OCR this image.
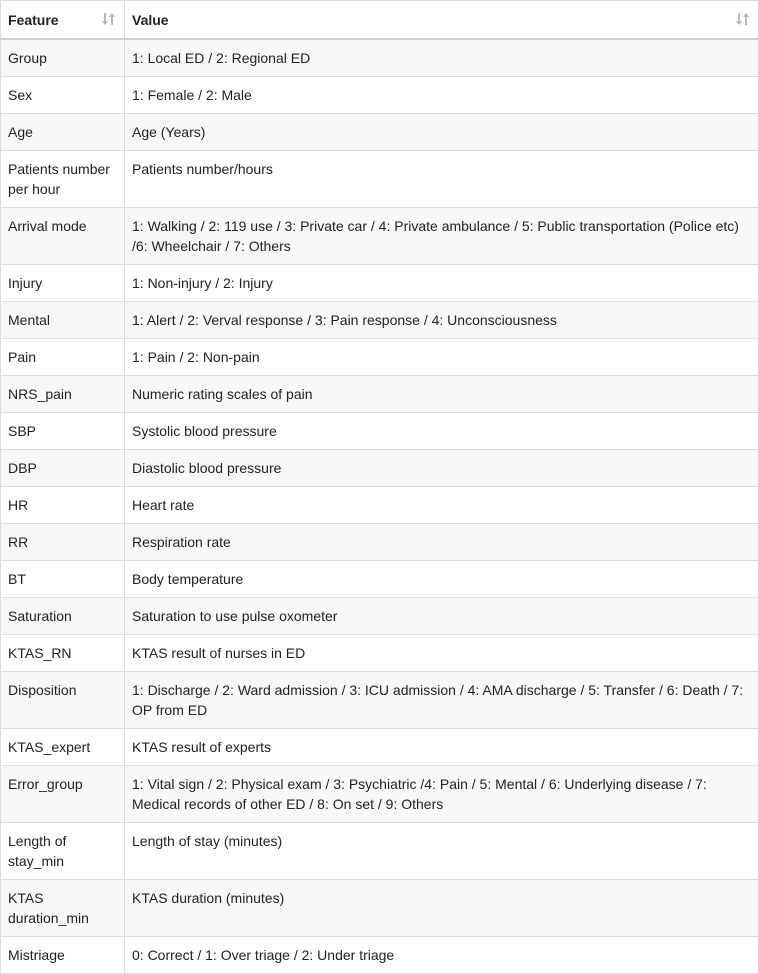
Feature	Value

Group	1: Local ED / 2: Regional ED
Sex	1: Female / 2: Male
Age	Age (Years)
Patients number per hour	Patients number/hours
Arrival mode	1: Walking / 2: 119 use / 3: Private car / 4: Private ambulance / 5: Public transportation (Police etc) /6: Wheelchair / 7: Others
Injury	1: Non-injury / 2: Injury
Mental	1: Alert / 2: Verval response / 3: Pain response / 4: Unconsciousness
Pain	1: Pain / 2: Non-pain
NRS_pain	Numeric rating scales of pain
SBP	Systolic blood pressure
DBP	Diastolic blood pressure
HR	Heart rate
RR	Respiration rate
BT	Body temperature
Saturation	Saturation to use pulse oxometer
KTAS_RN	KTAS result of nurses in ED
Disposition	1: Discharge / 2: Ward admission / 3: ICU admission / 4: AMA discharge / 5: Transfer / 6: Death / 7: OP from ED
KTAS_expert	KTAS result of experts
Error_group	1: Vital sign / 2: Physical exam / 3: Psychiatric /4: Pain / 5: Mental / 6: Underlying disease / 7: Medical records of other ED / 8: On set / 9: Others
Length of stay_min	Length of stay (minutes)
KTAS duration_min	KTAS duration (minutes)
Mistriage	0: Correct / 1: Over triage / 2: Under triage
